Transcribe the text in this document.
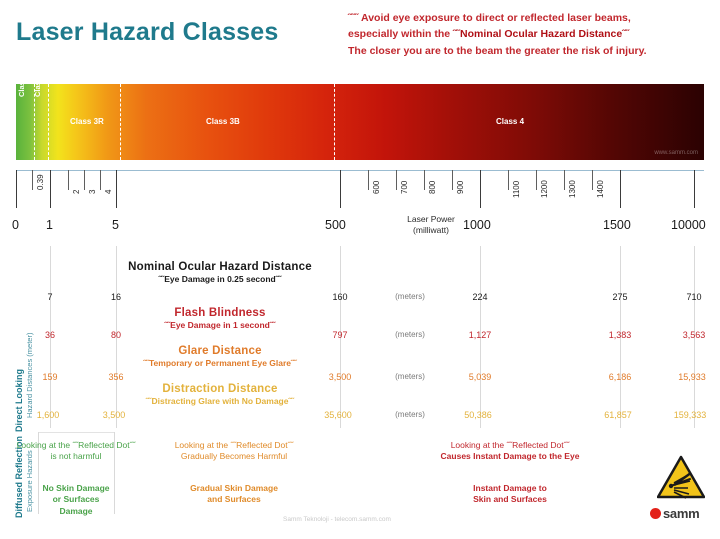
Laser Hazard Classes	˝˝˝ Avoid eye exposure to direct or reflected laser beams,
especially within the ˝˝Nominal Ocular Hazard Distance˝˝
The closer you are to the beam the greater the risk of injury.
Class 1 Class 2
Class 3R	Class 3B	Class 4
www.samm.com
0.39
2 3 4	600 700 800 900	1100 1200 1300 1400
0 1	5	500	1000	1500	10000
Laser Power
(milliwatt)
Direct Looking Hazard Distances (meter)
Diffused Reflection Exposure Hazards
Nominal Ocular Hazard Distance
˝˝Eye Damage in 0.25 second˝˝
7	16	160	224	275	710
(meters)
Flash Blindness
˝˝Eye Damage in 1 second˝˝
36	80	797	1,127	1,383	3,563
(meters)
Glare Distance
˝˝Temporary or Permanent Eye Glare˝˝
159	356	3,500	5,039	6,186	15,933
(meters)
Distraction Distance
˝˝Distracting Glare with No Damage˝˝
1,600	3,500	35,600	50,386	61,857	159,333
(meters)
Looking at the ˝˝Reflected Dot˝˝
is not harmful
No Skin Damage
or Surfaces
Damage
Looking at the ˝˝Reflected Dot˝˝
Gradually Becomes Harmful
Gradual Skin Damage
and Surfaces
Looking at the ˝˝Reflected Dot˝˝
Causes Instant Damage to the Eye
Instant Damage to
Skin and Surfaces
samm
Samm Teknoloji - telecom.samm.com
